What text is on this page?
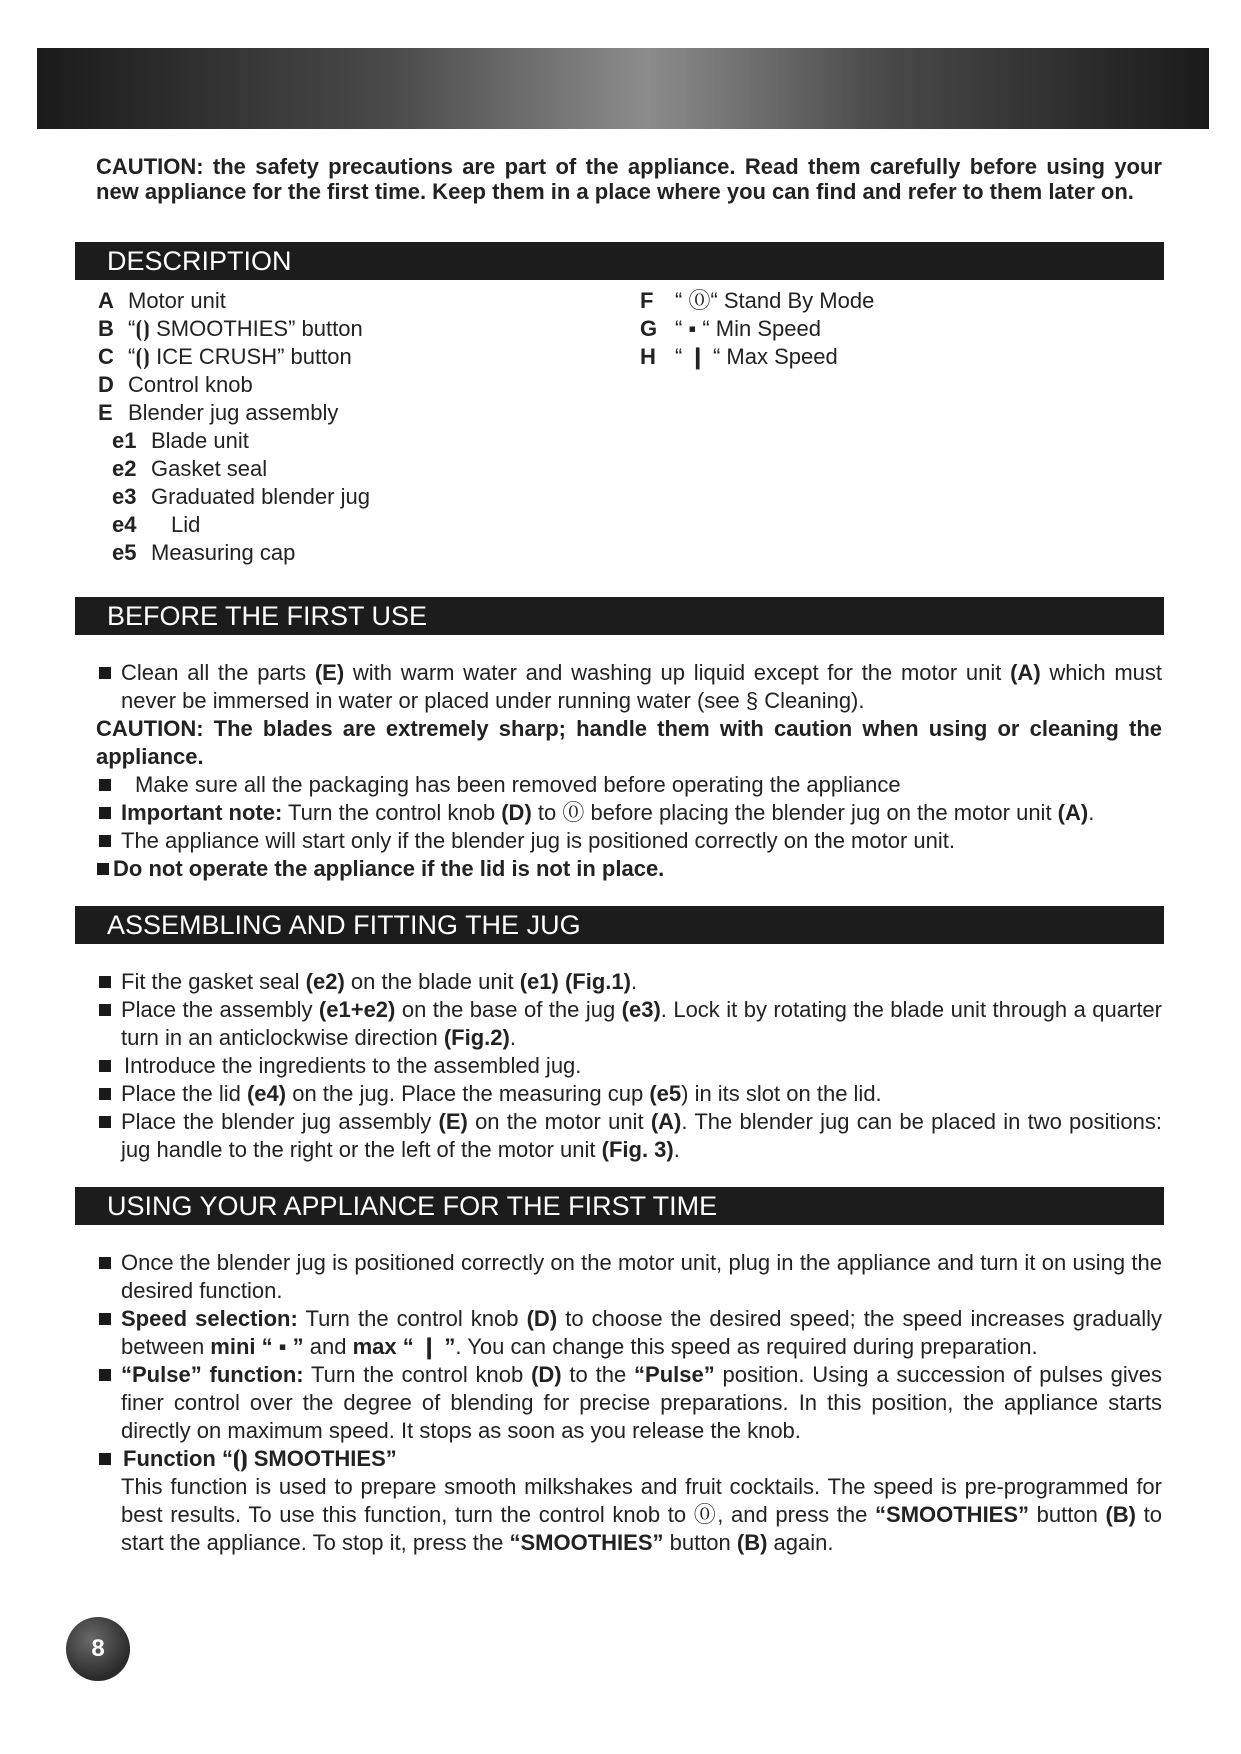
CAUTION: the safety precautions are part of the appliance. Read them carefully before using your new appliance for the first time. Keep them in a place where you can find and refer to them later on.
DESCRIPTION
A Motor unit
B “⦗⦘ SMOOTHIES” button
C “⦗⦘ ICE CRUSH” button
D Control knob
E Blender jug assembly
e1 Blade unit
e2 Gasket seal
e3 Graduated blender jug
e4 Lid
e5 Measuring cap
F “ ⓪“ Stand By Mode
G “ ▪ “ Min Speed
H “ ❙ “ Max Speed
BEFORE THE FIRST USE
Clean all the parts (E) with warm water and washing up liquid except for the motor unit (A) which must never be immersed in water or placed under running water (see § Cleaning).
CAUTION: The blades are extremely sharp; handle them with caution when using or cleaning the appliance.
Make sure all the packaging has been removed before operating the appliance
Important note: Turn the control knob (D) to ⓪ before placing the blender jug on the motor unit (A).
The appliance will start only if the blender jug is positioned correctly on the motor unit.
Do not operate the appliance if the lid is not in place.
ASSEMBLING AND FITTING THE JUG
Fit the gasket seal (e2) on the blade unit (e1) (Fig.1).
Place the assembly (e1+e2) on the base of the jug (e3). Lock it by rotating the blade unit through a quarter turn in an anticlockwise direction (Fig.2).
Introduce the ingredients to the assembled jug.
Place the lid (e4) on the jug. Place the measuring cup (e5) in its slot on the lid.
Place the blender jug assembly (E) on the motor unit (A). The blender jug can be placed in two positions: jug handle to the right or the left of the motor unit (Fig. 3).
USING YOUR APPLIANCE FOR THE FIRST TIME
Once the blender jug is positioned correctly on the motor unit, plug in the appliance and turn it on using the desired function.
Speed selection: Turn the control knob (D) to choose the desired speed; the speed increases gradually between mini “ ▪ ” and max “ ❙ ”. You can change this speed as required during preparation.
“Pulse” function: Turn the control knob (D) to the “Pulse” position. Using a succession of pulses gives finer control over the degree of blending for precise preparations. In this position, the appliance starts directly on maximum speed. It stops as soon as you release the knob.
Function “⦗⦘ SMOOTHIES”
This function is used to prepare smooth milkshakes and fruit cocktails. The speed is pre-programmed for best results. To use this function, turn the control knob to ⓪, and press the “SMOOTHIES” button (B) to start the appliance. To stop it, press the “SMOOTHIES” button (B) again.
8
